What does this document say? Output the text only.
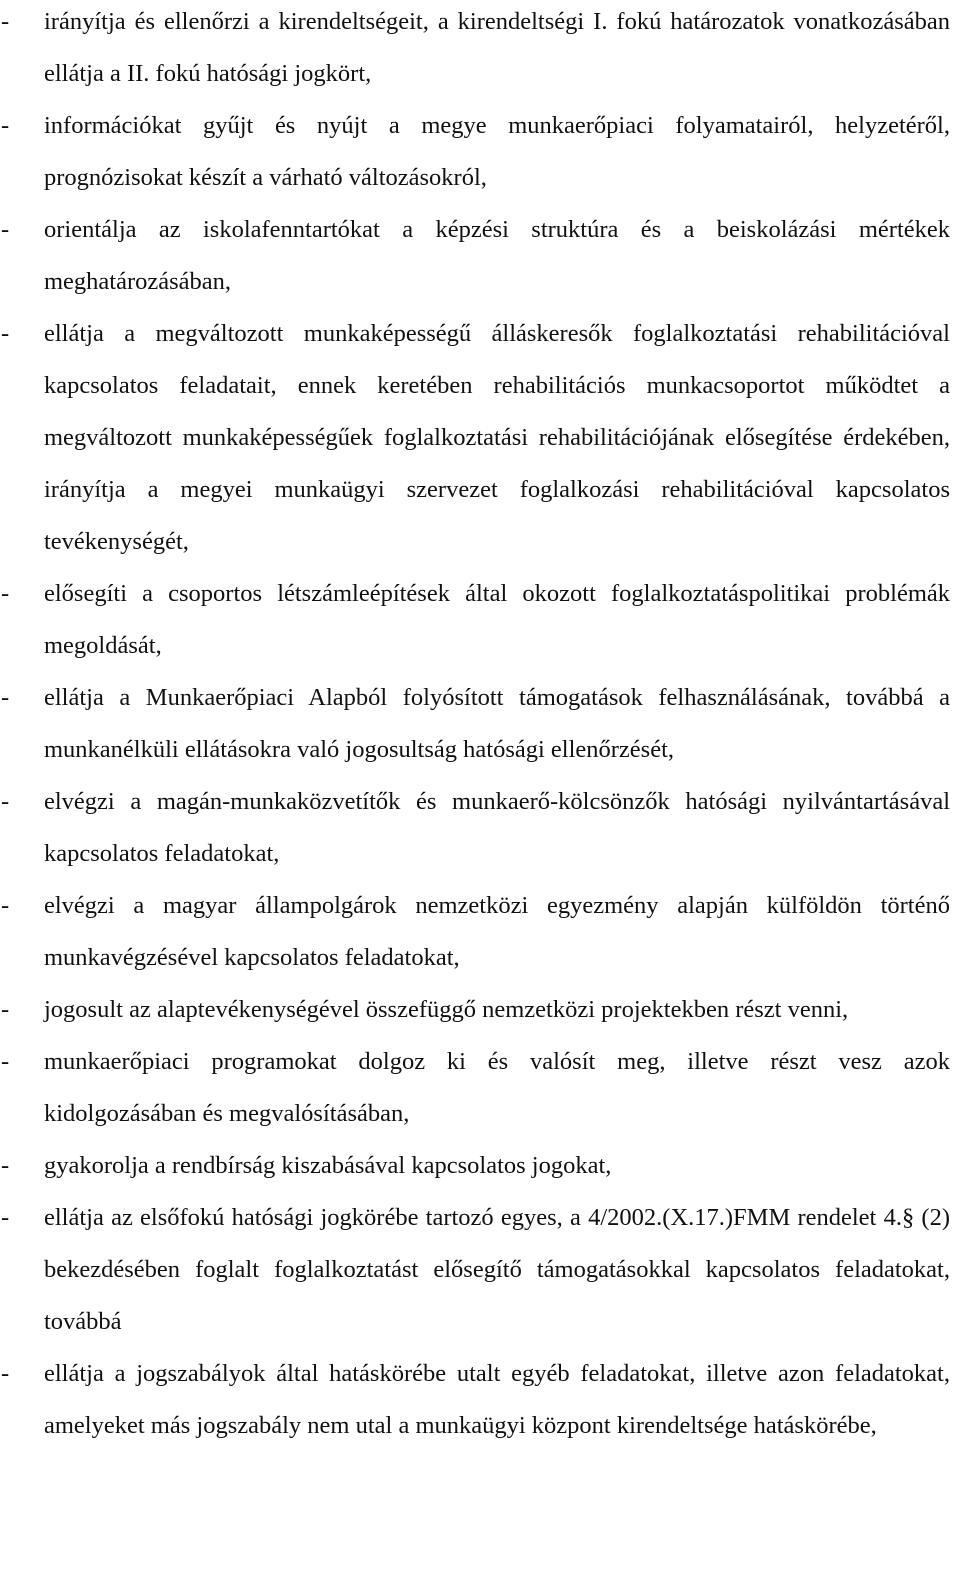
-	irányítja és ellenőrzi a kirendeltségeit, a kirendeltségi I. fokú határozatok vonatkozásában ellátja a II. fokú hatósági jogkört,
-	információkat gyűjt és nyújt a megye munkaerőpiaci folyamatairól, helyzetéről, prognózisokat készít a várható változásokról,
-	orientálja az iskolafenntartókat a képzési struktúra és a beiskolázási mértékek meghatározásában,
-	ellátja a megváltozott munkaképességű álláskeresők foglalkoztatási rehabilitációval kapcsolatos feladatait, ennek keretében rehabilitációs munkacsoportot működtet a megváltozott munkaképességűek foglalkoztatási rehabilitációjának elősegítése érdekében, irányítja a megyei munkaügyi szervezet foglalkozási rehabilitációval kapcsolatos tevékenységét,
-	elősegíti a csoportos létszámleépítések által okozott foglalkoztatáspolitikai problémák megoldását,
-	ellátja a Munkaerőpiaci Alapból folyósított támogatások felhasználásának, továbbá a munkanélküli ellátásokra való jogosultság hatósági ellenőrzését,
-	elvégzi a magán-munkaközvetítők és munkaerő-kölcsönzők hatósági nyilvántartásával kapcsolatos feladatokat,
-	elvégzi a magyar állampolgárok nemzetközi egyezmény alapján külföldön történő munkavégzésével kapcsolatos feladatokat,
-	jogosult az alaptevékenységével összefüggő nemzetközi projektekben részt venni,
-	munkaerőpiaci programokat dolgoz ki és valósít meg, illetve részt vesz azok kidolgozásában és megvalósításában,
-	gyakorolja a rendbírság kiszabásával kapcsolatos jogokat,
-	ellátja az elsőfokú hatósági jogkörébe tartozó egyes, a 4/2002.(X.17.)FMM rendelet 4.§ (2) bekezdésében foglalt foglalkoztatást elősegítő támogatásokkal kapcsolatos feladatokat, továbbá
-	ellátja a jogszabályok által hatáskörébe utalt egyéb feladatokat, illetve azon feladatokat, amelyeket más jogszabály nem utal a munkaügyi központ kirendeltsége hatáskörébe,
